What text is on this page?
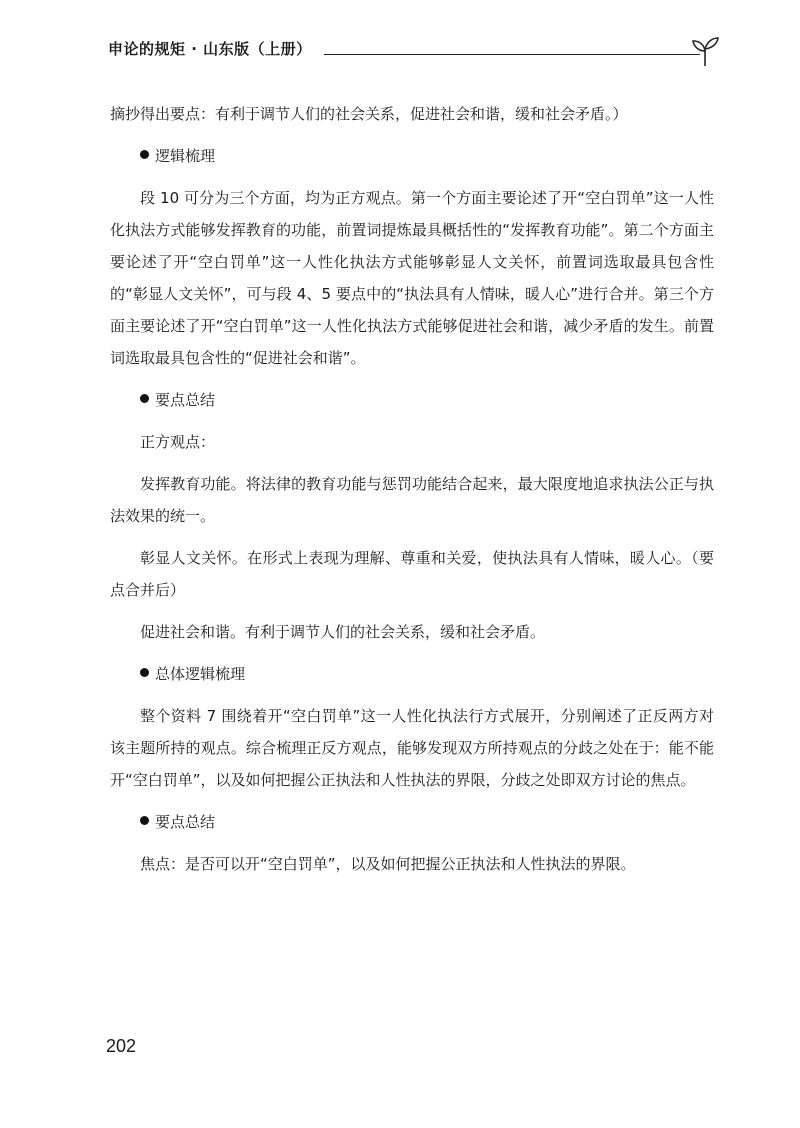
申论的规矩 · 山东版（上册）

摘抄得出要点：有利于调节人们的社会关系，促进社会和谐，缓和社会矛盾。）

逻辑梳理

段 10 可分为三个方面，均为正方观点。第一个方面主要论述了开“空白罚单”这一人性化执法方式能够发挥教育的功能，前置词提炼最具概括性的“发挥教育功能”。第二个方面主要论述了开“空白罚单”这一人性化执法方式能够彰显人文关怀，前置词选取最具包含性的“彰显人文关怀”，可与段 4、5 要点中的“执法具有人情味，暖人心”进行合并。第三个方面主要论述了开“空白罚单”这一人性化执法方式能够促进社会和谐，减少矛盾的发生。前置词选取最具包含性的“促进社会和谐”。

要点总结

正方观点：

发挥教育功能。将法律的教育功能与惩罚功能结合起来，最大限度地追求执法公正与执法效果的统一。

彰显人文关怀。在形式上表现为理解、尊重和关爱，使执法具有人情味，暖人心。（要点合并后）

促进社会和谐。有利于调节人们的社会关系，缓和社会矛盾。

总体逻辑梳理

整个资料 7 围绕着开“空白罚单”这一人性化执法行方式展开，分别阐述了正反两方对该主题所持的观点。综合梳理正反方观点，能够发现双方所持观点的分歧之处在于：能不能开“空白罚单”，以及如何把握公正执法和人性执法的界限，分歧之处即双方讨论的焦点。

要点总结

焦点：是否可以开“空白罚单”，以及如何把握公正执法和人性执法的界限。

202
